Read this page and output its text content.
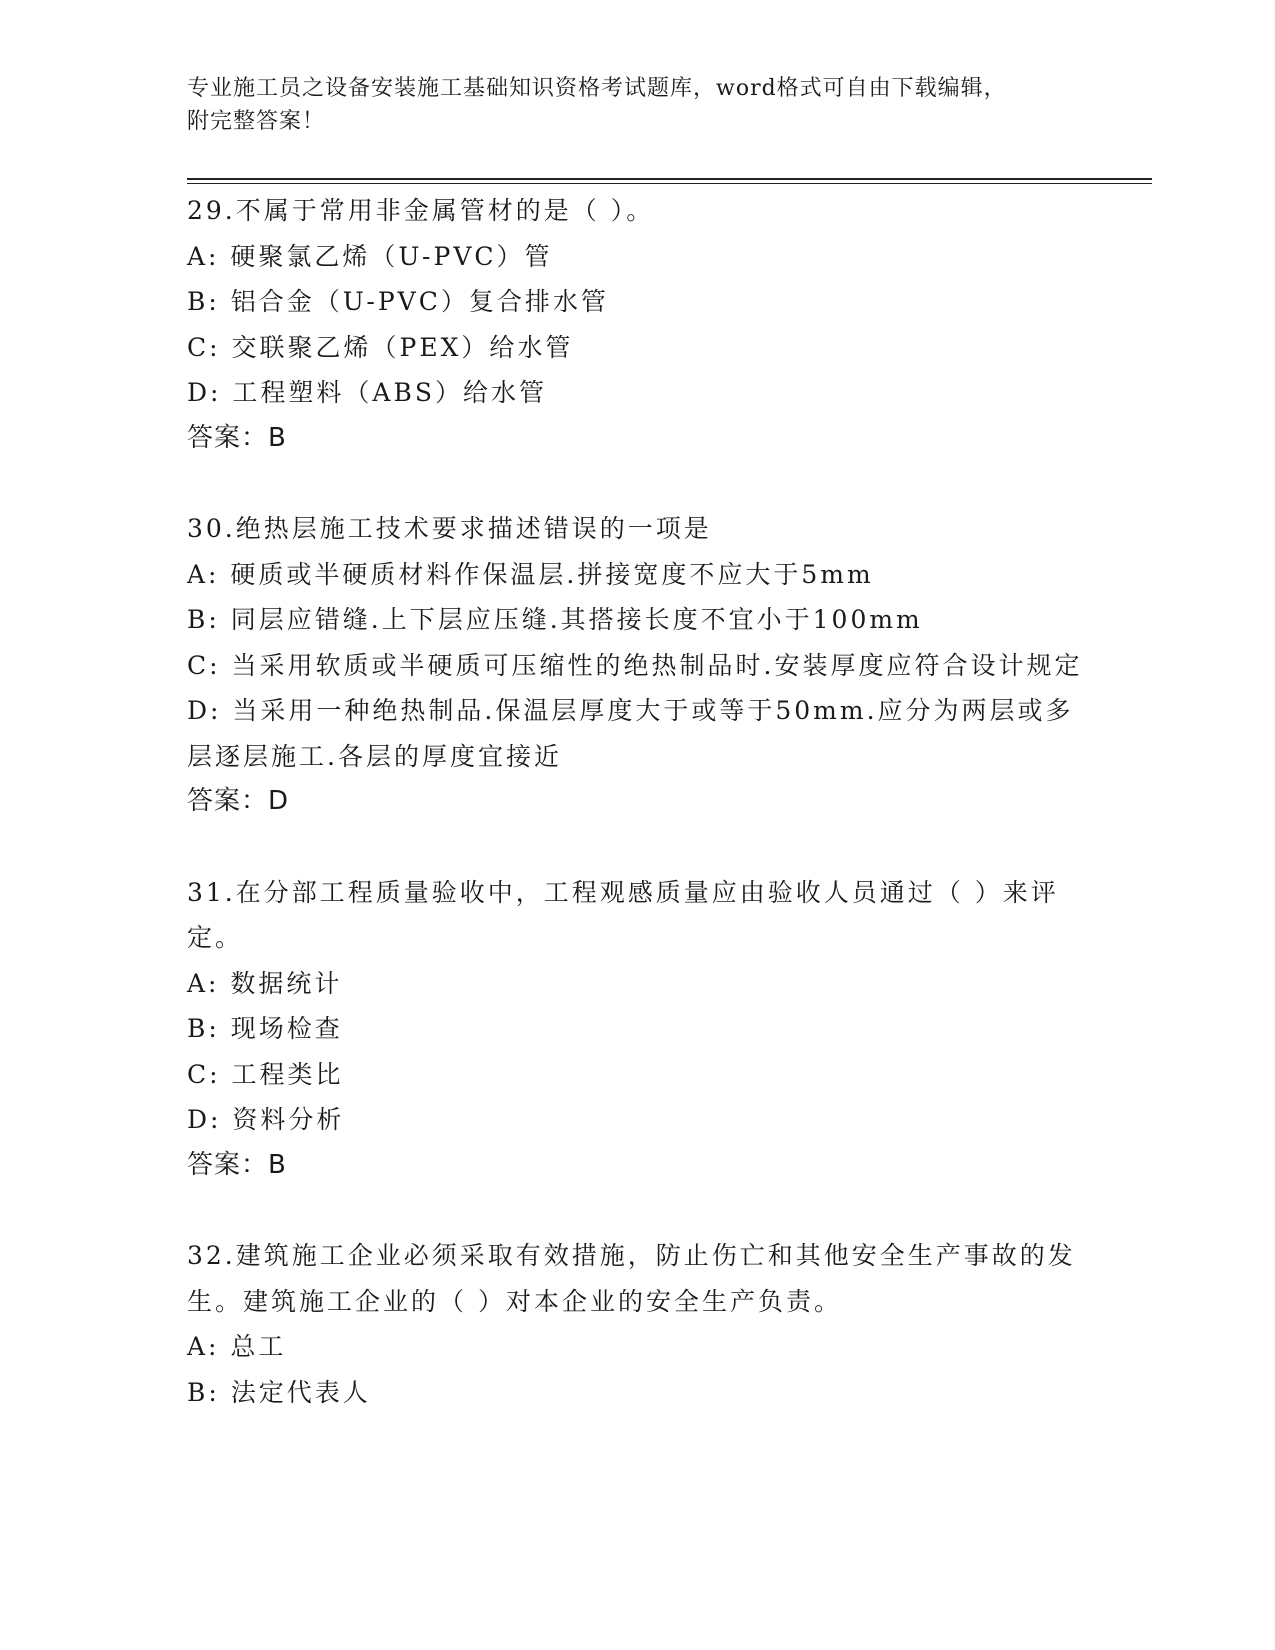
专业施工员之设备安装施工基础知识资格考试题库，word格式可自由下载编辑，
附完整答案！

29.不属于常用非金属管材的是（ ）。

A: 硬聚氯乙烯（U-PVC）管

B: 铝合金（U-PVC）复合排水管

C: 交联聚乙烯（PEX）给水管

D: 工程塑料（ABS）给水管

答案：B

30.绝热层施工技术要求描述错误的一项是

A: 硬质或半硬质材料作保温层.拼接宽度不应大于5mm

B: 同层应错缝.上下层应压缝.其搭接长度不宜小于100mm

C: 当采用软质或半硬质可压缩性的绝热制品时.安装厚度应符合设计规定

D: 当采用一种绝热制品.保温层厚度大于或等于50mm.应分为两层或多层逐层施工.各层的厚度宜接近

答案：D

31.在分部工程质量验收中，工程观感质量应由验收人员通过（ ）来评定。

A: 数据统计

B: 现场检查

C: 工程类比

D: 资料分析

答案：B

32.建筑施工企业必须采取有效措施，防止伤亡和其他安全生产事故的发生。建筑施工企业的（ ）对本企业的安全生产负责。

A: 总工

B: 法定代表人
